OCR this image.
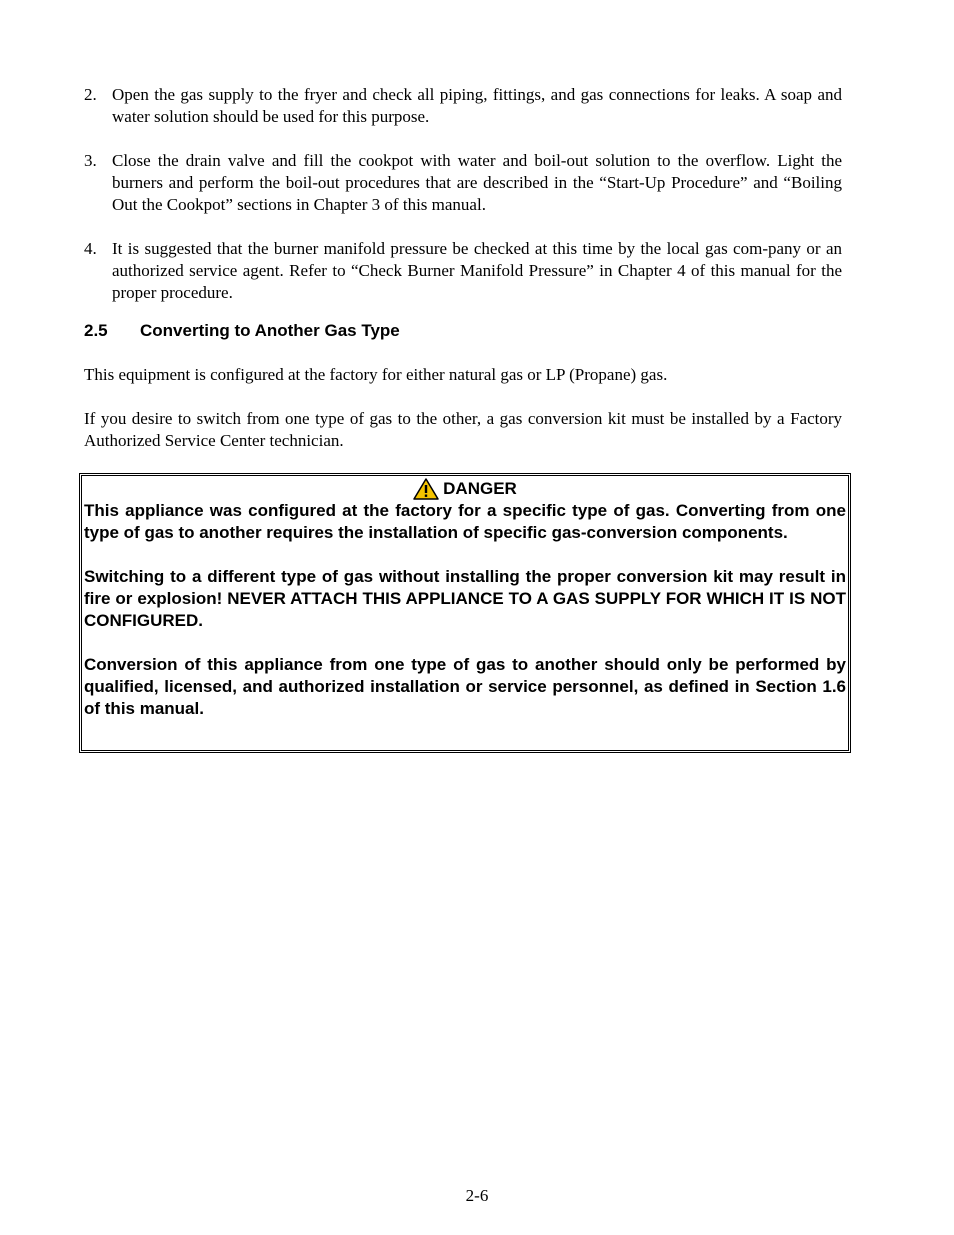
2. Open the gas supply to the fryer and check all piping, fittings, and gas connections for leaks. A soap and water solution should be used for this purpose.
3. Close the drain valve and fill the cookpot with water and boil-out solution to the overflow. Light the burners and perform the boil-out procedures that are described in the “Start-Up Procedure” and “Boiling Out the Cookpot” sections in Chapter 3 of this manual.
4. It is suggested that the burner manifold pressure be checked at this time by the local gas com-pany or an authorized service agent. Refer to “Check Burner Manifold Pressure” in Chapter 4 of this manual for the proper procedure.
2.5	Converting to Another Gas Type

This equipment is configured at the factory for either natural gas or LP (Propane) gas.

If you desire to switch from one type of gas to the other, a gas conversion kit must be installed by a Factory Authorized Service Center technician.

DANGER

This appliance was configured at the factory for a specific type of gas. Converting from one type of gas to another requires the installation of specific gas-conversion components.

Switching to a different type of gas without installing the proper conversion kit may result in fire or explosion! NEVER ATTACH THIS APPLIANCE TO A GAS SUPPLY FOR WHICH IT IS NOT CONFIGURED.

Conversion of this appliance from one type of gas to another should only be performed by qualified, licensed, and authorized installation or service personnel, as defined in Section 1.6 of this manual.

2-6
